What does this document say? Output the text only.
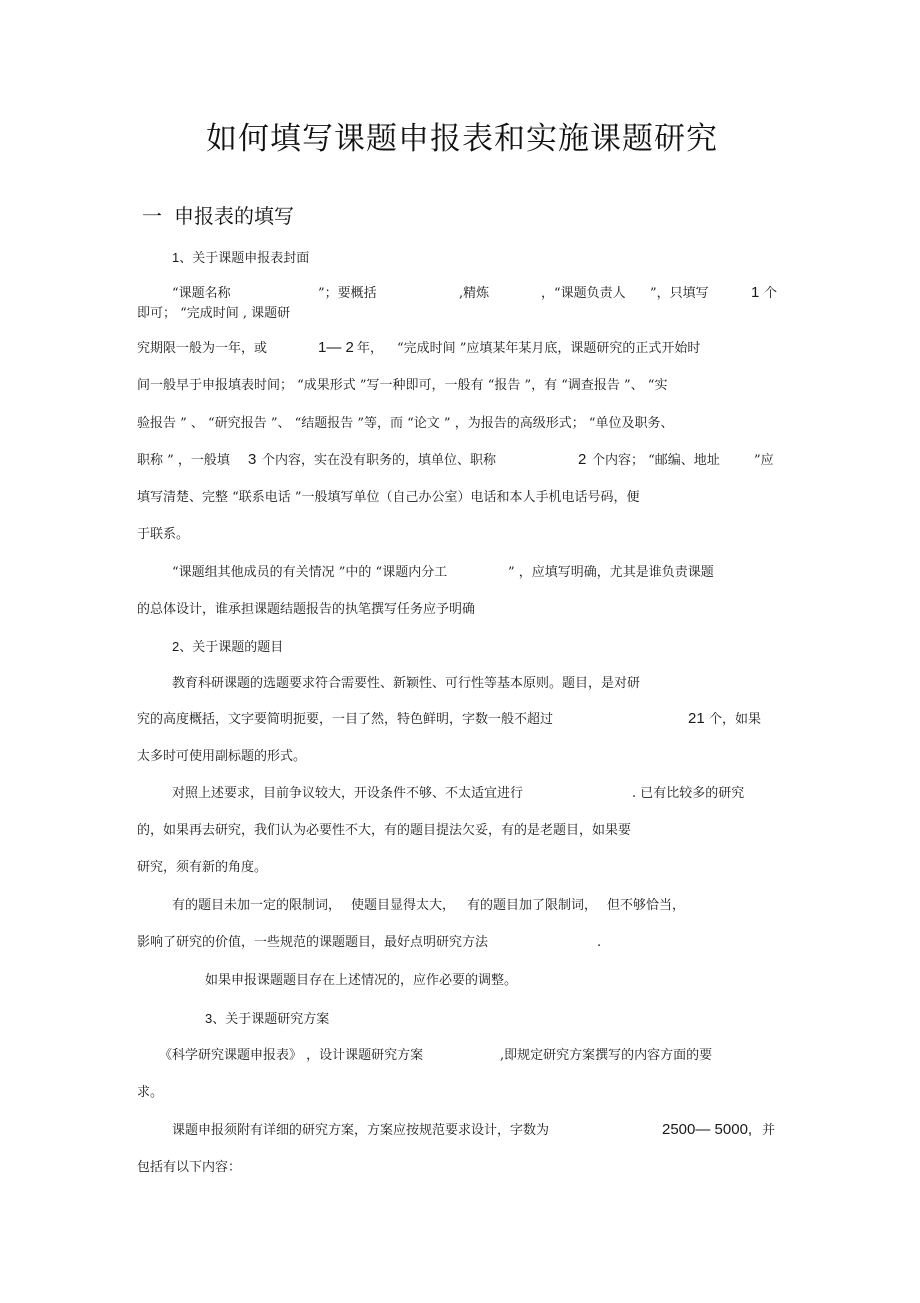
如何填写课题申报表和实施课题研究
一 申报表的填写
1、关于课题申报表封面
“课题名称	”；要概括	,精炼	，“课题负责人 ”，只填写	1 个
即可； “完成时间 , 课题研
究期限一般为一年，或	1— 2 年， “完成时间 ”应填某年某月底，课题研究的正式开始时
间一般早于申报填表时间； “成果形式 ”写一种即可，一般有 “报告 ”，有 “调查报告 ”、 “实
验报告 ” 、 “研究报告 ”、 “结题报告 ”等，而 “论文 ” ，为报告的高级形式； “单位及职务、
职称 ” ，一般填 3 个内容，实在没有职务的，填单位、职称	2 个内容； “邮编、地址	”应
填写清楚、完整 “联系电话 ”一般填写单位（自己办公室）电话和本人手机电话号码，便
于联系。
“课题组其他成员的有关情况 ”中的 “课题内分工	” ，应填写明确，尤其是谁负责课题
的总体设计，谁承担课题结题报告的执笔撰写任务应予明确
2、关于课题的题目
教育科研课题的选题要求符合需要性、新颖性、可行性等基本原则。题目，是对研
究的高度概括，文字要简明扼要，一目了然，特色鲜明，字数一般不超过	21 个，如果
太多时可使用副标题的形式。
对照上述要求，目前争议较大，开设条件不够、不太适宜进行	. 已有比较多的研究
的，如果再去研究，我们认为必要性不大，有的题目提法欠妥，有的是老题目，如果要
研究，须有新的角度。
有的题目未加一定的限制词， 使题目显得太大， 有的题目加了限制词， 但不够恰当，
影响了研究的价值，一些规范的课题题目，最好点明研究方法	.
如果申报课题题目存在上述情况的，应作必要的调整。
3、关于课题研究方案
《科学研究课题申报表》 ，设计课题研究方案	,即规定研究方案撰写的内容方面的要
求。
课题申报须附有详细的研究方案，方案应按规范要求设计，字数为	2500— 5000, 并
包括有以下内容：
